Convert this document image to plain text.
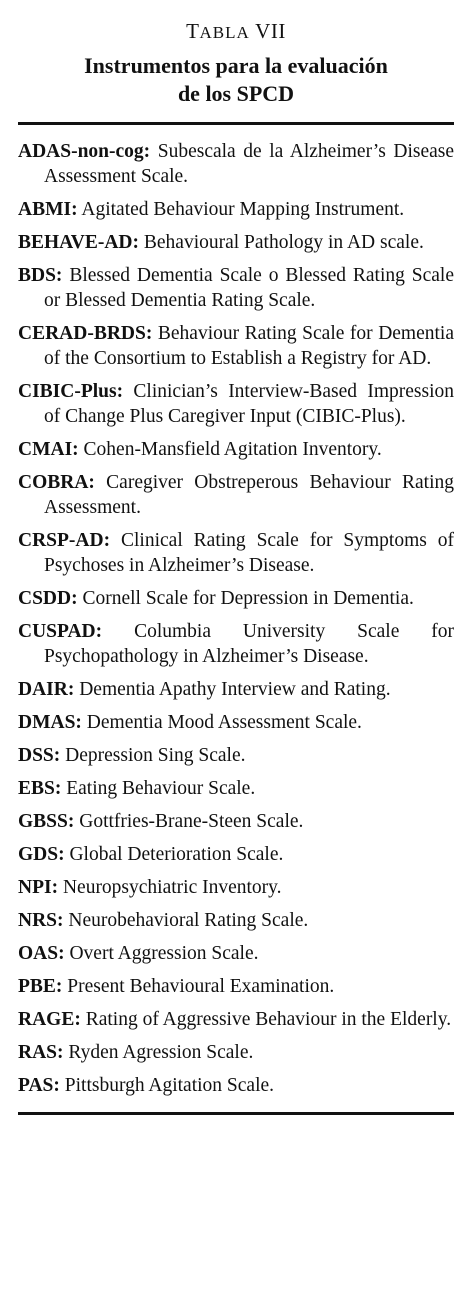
TABLA VII
Instrumentos para la evaluación
de los SPCD
ADAS-non-cog: Subescala de la Alzheimer’s Disease Assessment Scale.
ABMI: Agitated Behaviour Mapping Instrument.
BEHAVE-AD: Behavioural Pathology in AD scale.
BDS: Blessed Dementia Scale o Blessed Rating Scale or Blessed Dementia Rating Scale.
CERAD-BRDS: Behaviour Rating Scale for Dementia of the Consortium to Establish a Registry for AD.
CIBIC-Plus: Clinician’s Interview-Based Impression of Change Plus Caregiver Input (CIBIC-Plus).
CMAI: Cohen-Mansfield Agitation Inventory.
COBRA: Caregiver Obstreperous Behaviour Rating Assessment.
CRSP-AD: Clinical Rating Scale for Symptoms of Psychoses in Alzheimer’s Disease.
CSDD: Cornell Scale for Depression in Dementia.
CUSPAD: Columbia University Scale for Psychopathology in Alzheimer’s Disease.
DAIR: Dementia Apathy Interview and Rating.
DMAS: Dementia Mood Assessment Scale.
DSS: Depression Sing Scale.
EBS: Eating Behaviour Scale.
GBSS: Gottfries-Brane-Steen Scale.
GDS: Global Deterioration Scale.
NPI: Neuropsychiatric Inventory.
NRS: Neurobehavioral Rating Scale.
OAS: Overt Aggression Scale.
PBE: Present Behavioural Examination.
RAGE: Rating of Aggressive Behaviour in the Elderly.
RAS: Ryden Agression Scale.
PAS: Pittsburgh Agitation Scale.
